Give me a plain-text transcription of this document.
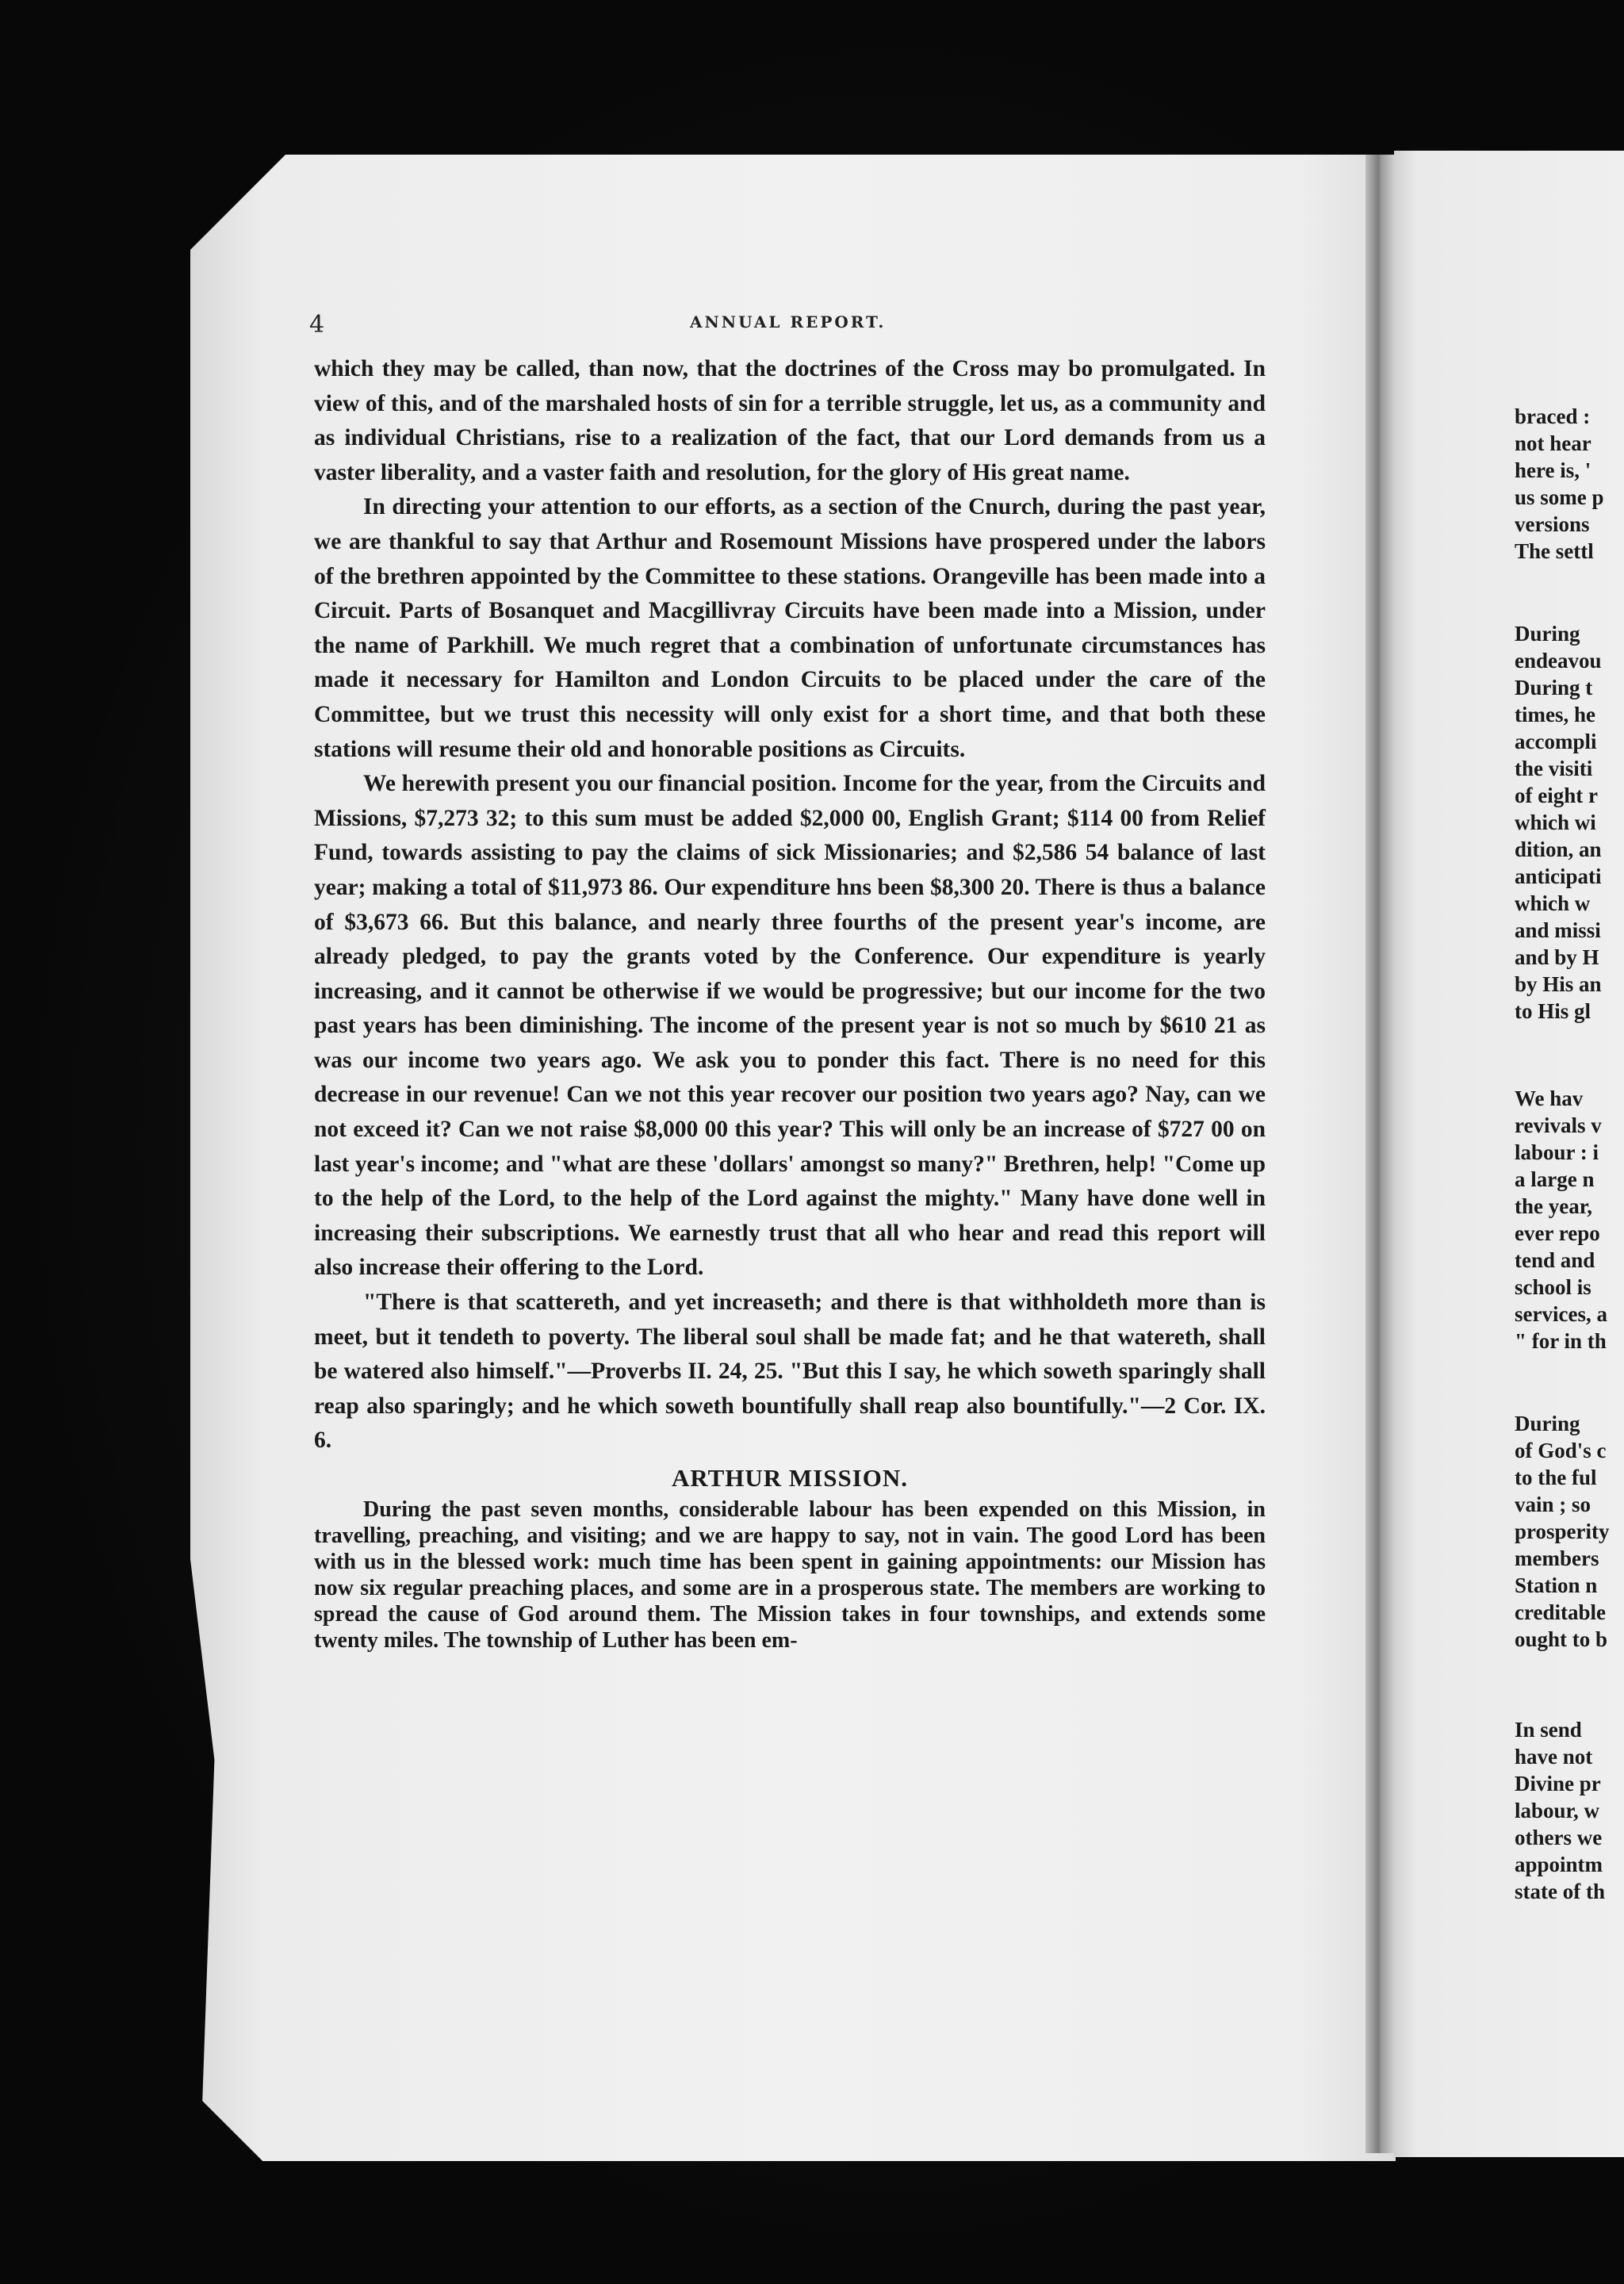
4	ANNUAL REPORT.

which they may be called, than now, that the doctrines of the Cross may bo promulgated. In view of this, and of the marshaled hosts of sin for a terrible struggle, let us, as a community and as individual Christians, rise to a realization of the fact, that our Lord demands from us a vaster liberality, and a vaster faith and resolution, for the glory of His great name.

In directing your attention to our efforts, as a section of the Cnurch, during the past year, we are thankful to say that Arthur and Rosemount Missions have prospered under the labors of the brethren appointed by the Committee to these stations. Orangeville has been made into a Circuit. Parts of Bosanquet and Macgillivray Circuits have been made into a Mission, under the name of Parkhill. We much regret that a combination of unfortunate circumstances has made it necessary for Hamilton and London Circuits to be placed under the care of the Committee, but we trust this necessity will only exist for a short time, and that both these stations will resume their old and honorable positions as Circuits.

We herewith present you our financial position. Income for the year, from the Circuits and Missions, $7,273 32; to this sum must be added $2,000 00, English Grant; $114 00 from Relief Fund, towards assisting to pay the claims of sick Missionaries; and $2,586 54 balance of last year; making a total of $11,973 86. Our expenditure hns been $8,300 20. There is thus a balance of $3,673 66. But this balance, and nearly three fourths of the present year's income, are already pledged, to pay the grants voted by the Conference. Our expenditure is yearly increasing, and it cannot be otherwise if we would be progressive; but our income for the two past years has been diminishing. The income of the present year is not so much by $610 21 as was our income two years ago. We ask you to ponder this fact. There is no need for this decrease in our revenue! Can we not this year recover our position two years ago? Nay, can we not exceed it? Can we not raise $8,000 00 this year? This will only be an increase of $727 00 on last year's income; and "what are these 'dollars' amongst so many?" Brethren, help! "Come up to the help of the Lord, to the help of the Lord against the mighty." Many have done well in increasing their subscriptions. We earnestly trust that all who hear and read this report will also increase their offering to the Lord.

"There is that scattereth, and yet increaseth; and there is that withholdeth more than is meet, but it tendeth to poverty. The liberal soul shall be made fat; and he that watereth, shall be watered also himself."—Proverbs II. 24, 25. "But this I say, he which soweth sparingly shall reap also sparingly; and he which soweth bountifully shall reap also bountifully."—2 Cor. IX. 6.

ARTHUR MISSION.

During the past seven months, considerable labour has been expended on this Mission, in travelling, preaching, and visiting; and we are happy to say, not in vain. The good Lord has been with us in the blessed work: much time has been spent in gaining appointments: our Mission has now six regular preaching places, and some are in a prosperous state. The members are working to spread the cause of God around them. The Mission takes in four townships, and extends some twenty miles. The township of Luther has been em-

braced :
not hear
here is, '
us some p
versions
The settl
During
endeavou
During t
times, he
accompli
the visiti
of eight r
which wi
dition, an
anticipati
which w
and missi
and by H
by His an
to His gl
We hav
revivals v
labour : i
a large n
the year,
ever repo
tend and
school is
services, a
" for in th
During
of God's c
to the ful
vain ; so
prosperity
members
Station n
creditable
ought to b
In send
have not
Divine pr
labour, w
others we
appointm
state of th
